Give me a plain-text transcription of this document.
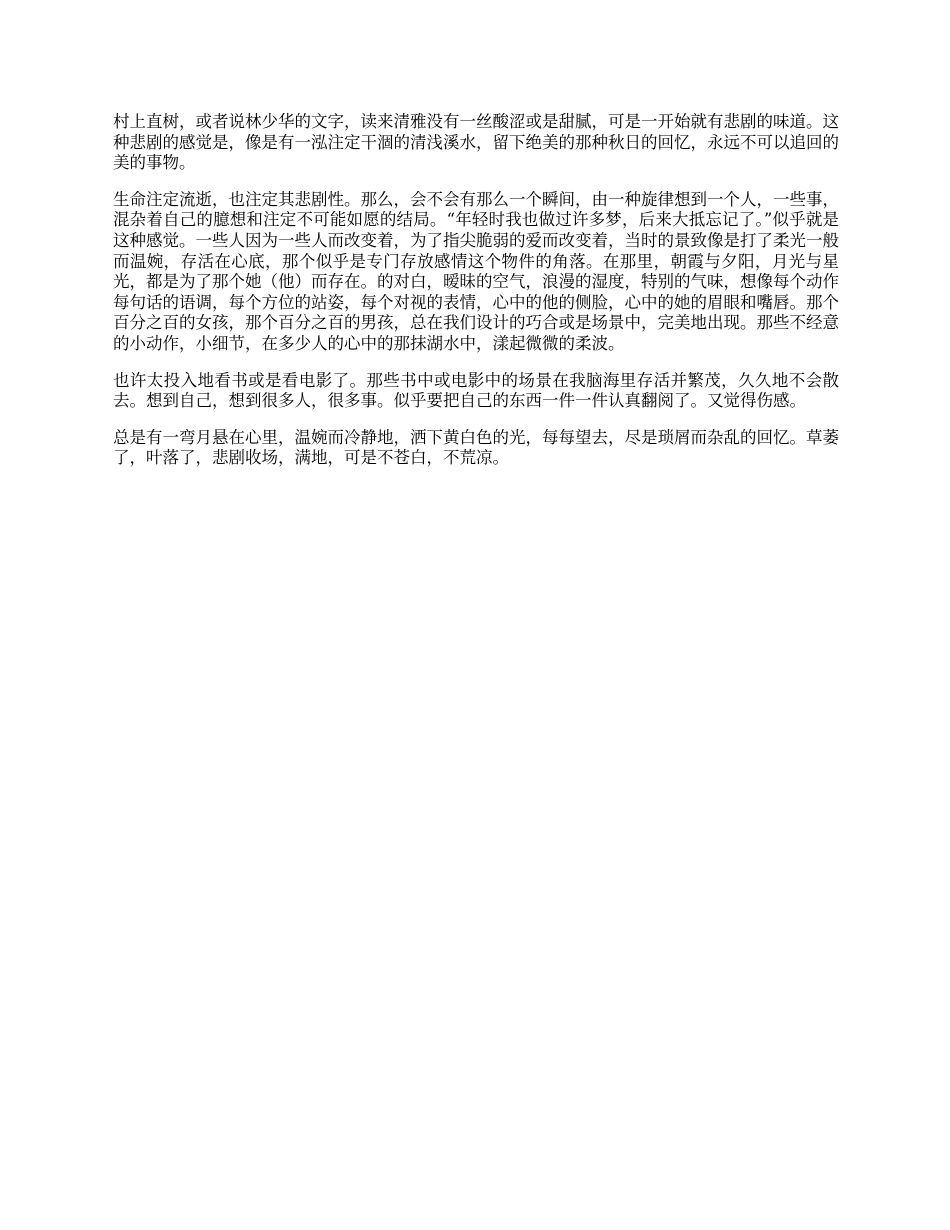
村上直树，或者说林少华的文字，读来清雅没有一丝酸涩或是甜腻，可是一开始就有悲剧的味道。这种悲剧的感觉是，像是有一泓注定干涸的清浅溪水，留下绝美的那种秋日的回忆，永远不可以追回的美的事物。

生命注定流逝，也注定其悲剧性。那么，会不会有那么一个瞬间，由一种旋律想到一个人，一些事，混杂着自己的臆想和注定不可能如愿的结局。“年轻时我也做过许多梦，后来大抵忘记了。”似乎就是这种感觉。一些人因为一些人而改变着，为了指尖脆弱的爱而改变着，当时的景致像是打了柔光一般而温婉，存活在心底，那个似乎是专门存放感情这个物件的角落。在那里，朝霞与夕阳，月光与星光，都是为了那个她（他）而存在。的对白，暧昧的空气，浪漫的湿度，特别的气味，想像每个动作每句话的语调，每个方位的站姿，每个对视的表情，心中的他的侧脸，心中的她的眉眼和嘴唇。那个百分之百的女孩，那个百分之百的男孩，总在我们设计的巧合或是场景中，完美地出现。那些不经意的小动作，小细节，在多少人的心中的那抹湖水中，漾起微微的柔波。

也许太投入地看书或是看电影了。那些书中或电影中的场景在我脑海里存活并繁茂，久久地不会散去。想到自己，想到很多人，很多事。似乎要把自己的东西一件一件认真翻阅了。又觉得伤感。

总是有一弯月悬在心里，温婉而冷静地，洒下黄白色的光，每每望去，尽是琐屑而杂乱的回忆。草萎了，叶落了，悲剧收场，满地，可是不苍白，不荒凉。
